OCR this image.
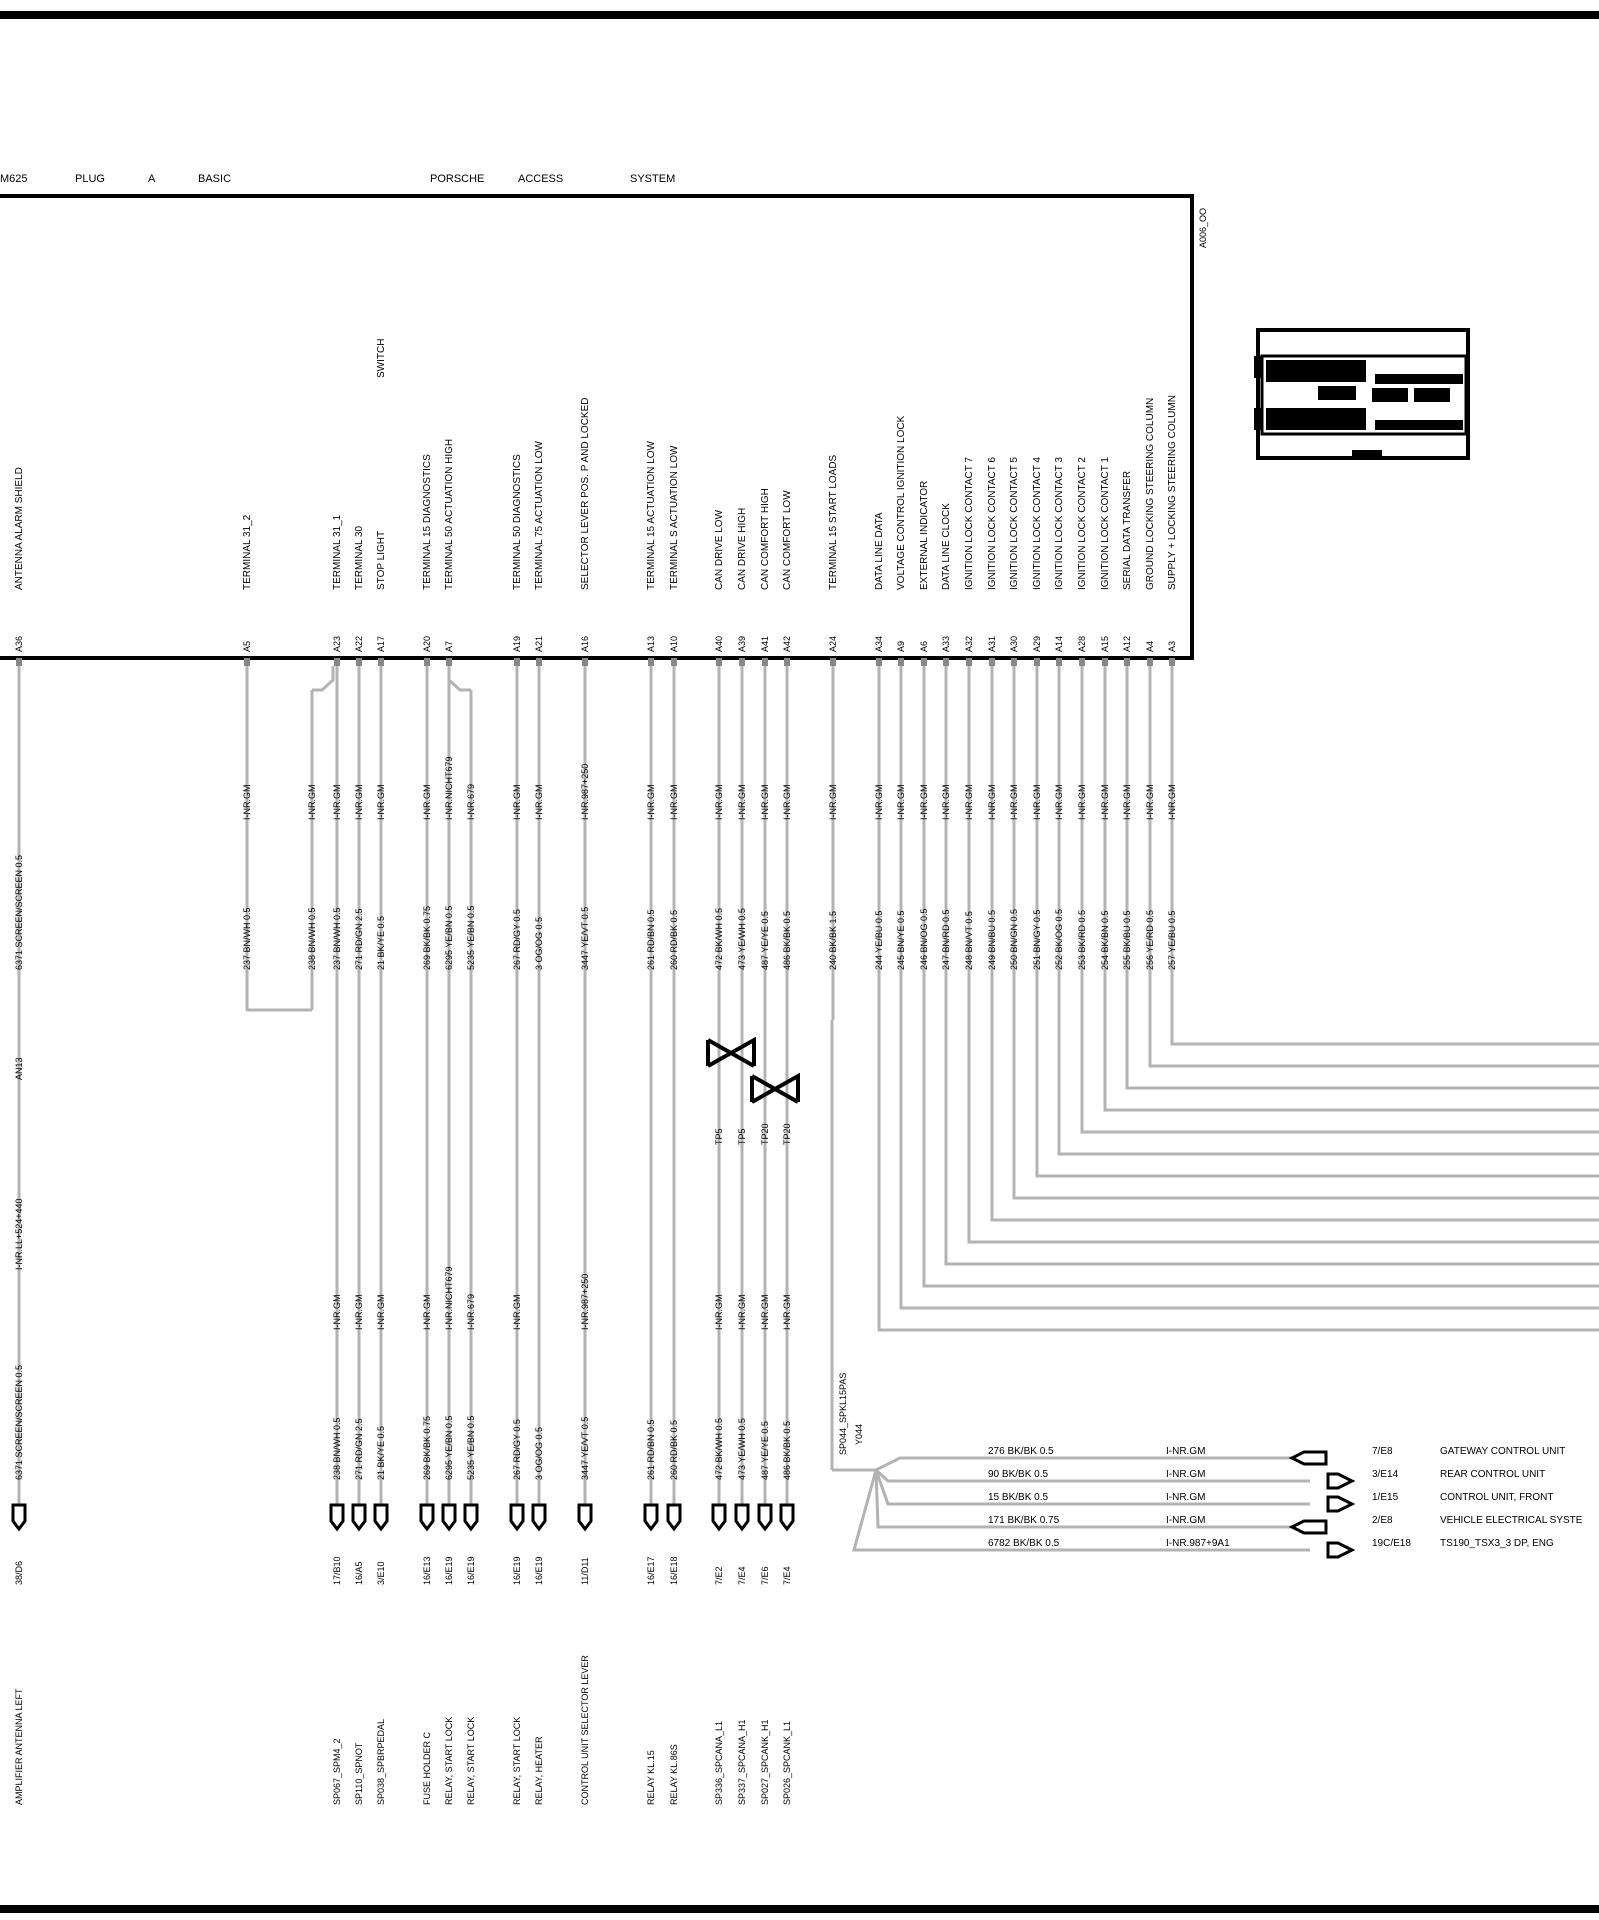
M625	PLUG	A	BASIC	PORSCHE	ACCESS	SYSTEM
A006_OO
ANTENNA ALARM SHIELD
A36
6371 SCREEN/SCREEN 0.5
AN13
I-NR.LL+524+440
6371 SCREEN/SCREEN 0.5
38/D6
AMPLIFIER ANTENNA LEFT
TERMINAL 31_2
A5
I-NR.GM
237 BN/WH 0.5
TERMINAL 31_1
A23
I-NR.GM
237 BN/WH 0.5
I-NR.GM
238 BN/WH 0.5
17/B10
SP067_SPM4_2
TERMINAL 30
A22
I-NR.GM
271 RD/GN 2.5
I-NR.GM
271 RD/GN 2.5
16/A5
SP110_SPNOT
STOP LIGHT
SWITCH
A17
I-NR.GM
21 BK/YE 0.5
I-NR.GM
21 BK/YE 0.5
3/E10
SP038_SPBRPEDAL
TERMINAL 15 DIAGNOSTICS
A20
I-NR.GM
269 BK/BK 0.75
I-NR.GM
269 BK/BK 0.75
16/E13
FUSE HOLDER C
TERMINAL 50 ACTUATION HIGH
A7
I-NR.NICHT679
6295 YE/BN 0.5
I-NR.NICHT679
6295 YE/BN 0.5
16/E19
RELAY, START LOCK
TERMINAL 50 DIAGNOSTICS
A19
I-NR.GM
267 RD/GY 0.5
I-NR.GM
267 RD/GY 0.5
16/E19
RELAY, START LOCK
TERMINAL 75 ACTUATION LOW
A21
I-NR.GM
3 OG/OG 0.5
3 OG/OG 0.5
16/E19
RELAY, HEATER
SELECTOR LEVER POS. P AND LOCKED
A16
I-NR.987+250
3447 YE/VT 0.5
I-NR.987+250
3447 YE/VT 0.5
11/D11
CONTROL UNIT SELECTOR LEVER
TERMINAL 15 ACTUATION LOW
A13
I-NR.GM
261 RD/BN 0.5
261 RD/BN 0.5
16/E17
RELAY KL.15
TERMINAL S ACTUATION LOW
A10
I-NR.GM
260 RD/BK 0.5
260 RD/BK 0.5
16/E18
RELAY KL.86S
CAN DRIVE LOW
A40
I-NR.GM
472 BK/WH 0.5
TP5
I-NR.GM
472 BK/WH 0.5
7/E2
SP336_SPCANA_L1
CAN DRIVE HIGH
A39
I-NR.GM
473 YE/WH 0.5
TP5
I-NR.GM
473 YE/WH 0.5
7/E4
SP337_SPCANA_H1
CAN COMFORT HIGH
A41
I-NR.GM
487 YE/YE 0.5
TP20
I-NR.GM
487 YE/YE 0.5
7/E6
SP027_SPCANK_H1
CAN COMFORT LOW
A42
I-NR.GM
486 BK/BK 0.5
TP20
I-NR.GM
486 BK/BK 0.5
7/E4
SP026_SPCANK_L1
TERMINAL 15 START LOADS
A24
I-NR.GM
240 BK/BK 1.5
DATA LINE DATA
A34
I-NR.GM
244 YE/BU 0.5
VOLTAGE CONTROL IGNITION LOCK
A9
I-NR.GM
245 BN/YE 0.5
EXTERNAL INDICATOR
A6
I-NR.GM
246 BN/OG 0.5
DATA LINE CLOCK
A33
I-NR.GM
247 BN/RD 0.5
IGNITION LOCK CONTACT 7
A32
I-NR.GM
248 BN/VT 0.5
IGNITION LOCK CONTACT 6
A31
I-NR.GM
249 BN/BU 0.5
IGNITION LOCK CONTACT 5
A30
I-NR.GM
250 BN/GN 0.5
IGNITION LOCK CONTACT 4
A29
I-NR.GM
251 BN/GY 0.5
IGNITION LOCK CONTACT 3
A14
I-NR.GM
252 BK/OG 0.5
IGNITION LOCK CONTACT 2
A28
I-NR.GM
253 BK/RD 0.5
IGNITION LOCK CONTACT 1
A15
I-NR.GM
254 BK/BN 0.5
SERIAL DATA TRANSFER
A12
I-NR.GM
255 BK/BU 0.5
GROUND LOCKING STEERING COLUMN
A4
I-NR.GM
256 YE/RD 0.5
SUPPLY + LOCKING STEERING COLUMN
A3
I-NR.GM
257 YE/BU 0.5
I-NR.679
5235 YE/BN 0.5
I-NR.679
5235 YE/BN 0.5
16/E19
RELAY, START LOCK
I-NR.GM
238 BN/WH 0.5
SP044_SPKL15PAS Y044
276 BK/BK 0.5	I-NR.GM	7/E8	GATEWAY CONTROL UNIT
90 BK/BK 0.5	I-NR.GM	3/E14	REAR CONTROL UNIT
15 BK/BK 0.5	I-NR.GM	1/E15	CONTROL UNIT, FRONT
171 BK/BK 0.75	I-NR.GM	2/E8	VEHICLE ELECTRICAL SYSTE
6782 BK/BK 0.5	I-NR.987+9A1	19C/E18	TS190_TSX3_3 DP, ENG
